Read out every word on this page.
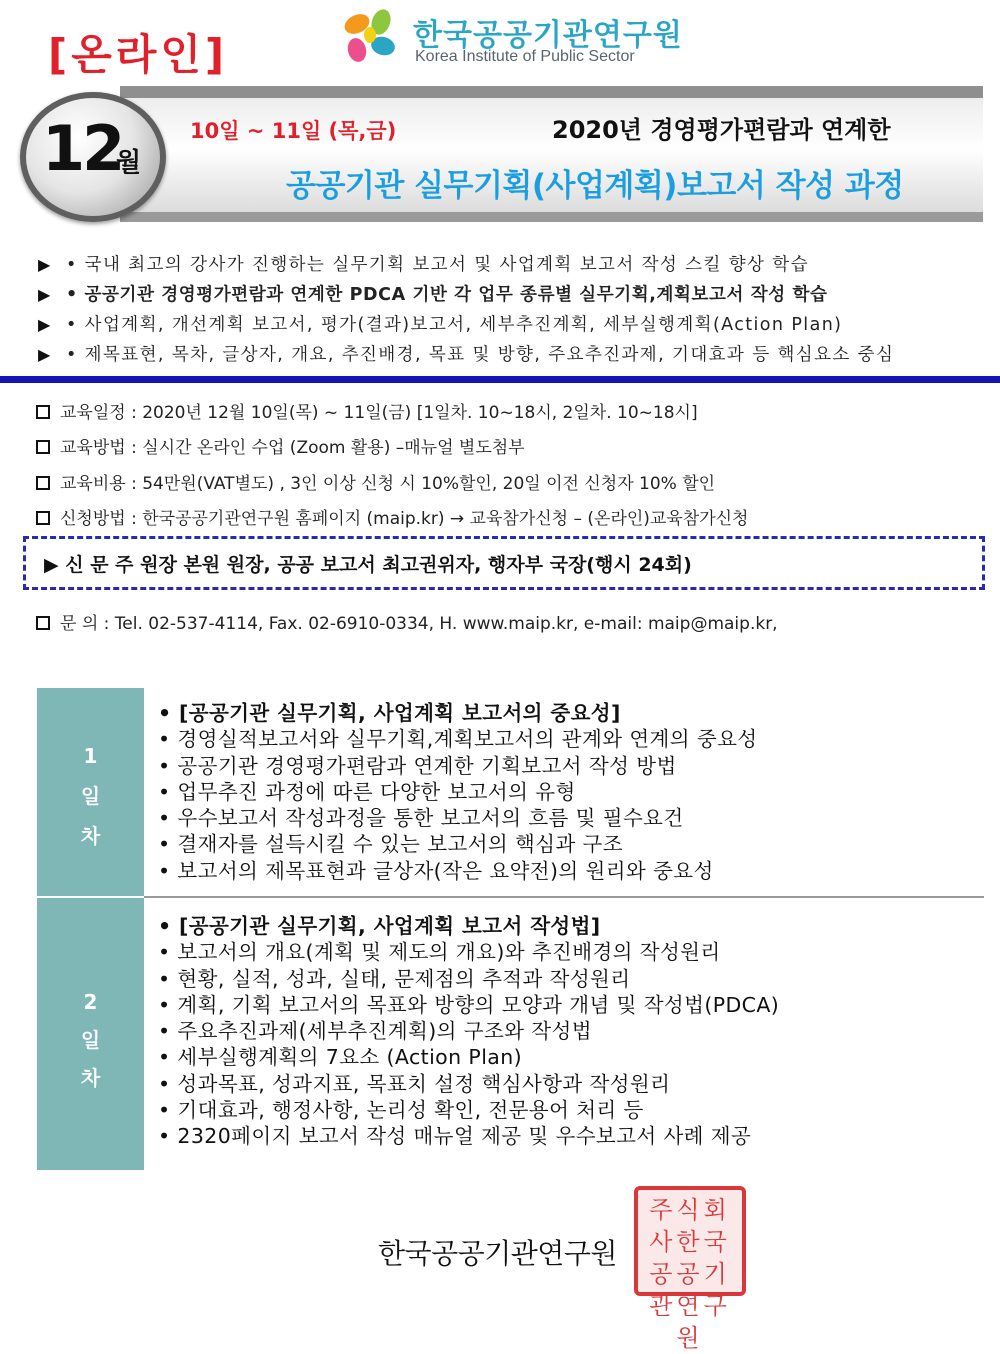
[온라인]	한국공공기관연구원
Korea Institute of Public Sector
12
월
10일 ~ 11일 (목,금)	2020년 경영평가편람과 연계한
공공기관 실무기획(사업계획)보고서 작성 과정
▶ • 국내 최고의 강사가 진행하는 실무기획 보고서 및 사업계획 보고서 작성 스킬 향상 학습
▶ • 공공기관 경영평가편람과 연계한 PDCA 기반 각 업무 종류별 실무기획,계획보고서 작성 학습
▶ • 사업계획, 개선계획 보고서, 평가(결과)보고서, 세부추진계획, 세부실행계획(Action Plan)
▶ • 제목표현, 목차, 글상자, 개요, 추진배경, 목표 및 방향, 주요추진과제, 기대효과 등 핵심요소 중심
교육일정 : 2020년 12월 10일(목) ~ 11일(금) [1일차. 10~18시, 2일차. 10~18시]
교육방법 : 실시간 온라인 수업 (Zoom 활용) –매뉴얼 별도첨부
교육비용 : 54만원(VAT별도) , 3인 이상 신청 시 10%할인, 20일 이전 신청자 10% 할인
신청방법 : 한국공공기관연구원 홈페이지 (maip.kr) → 교육참가신청 – (온라인)교육참가신청
▶ 신 문 주 원장 본원 원장, 공공 보고서 최고권위자, 행자부 국장(행시 24회)
문 의 : Tel. 02-537-4114, Fax. 02-6910-0334, H. www.maip.kr, e-mail: maip@maip.kr,
1
일
차
• [공공기관 실무기획, 사업계획 보고서의 중요성]
• 경영실적보고서와 실무기획,계획보고서의 관계와 연계의 중요성
• 공공기관 경영평가편람과 연계한 기획보고서 작성 방법
• 업무추진 과정에 따른 다양한 보고서의 유형
• 우수보고서 작성과정을 통한 보고서의 흐름 및 필수요건
• 결재자를 설득시킬 수 있는 보고서의 핵심과 구조
• 보고서의 제목표현과 글상자(작은 요약전)의 원리와 중요성
2
일
차
• [공공기관 실무기획, 사업계획 보고서 작성법]
• 보고서의 개요(계획 및 제도의 개요)와 추진배경의 작성원리
• 현황, 실적, 성과, 실태, 문제점의 추적과 작성원리
• 계획, 기획 보고서의 목표와 방향의 모양과 개념 및 작성법(PDCA)
• 주요추진과제(세부추진계획)의 구조와 작성법
• 세부실행계획의 7요소 (Action Plan)
• 성과목표, 성과지표, 목표치 설정 핵심사항과 작성원리
• 기대효과, 행정사항, 논리성 확인, 전문용어 처리 등
• 2320페이지 보고서 작성 매뉴얼 제공 및 우수보고서 사례 제공
한국공공기관연구원
주식회사한국공공기관연구원
